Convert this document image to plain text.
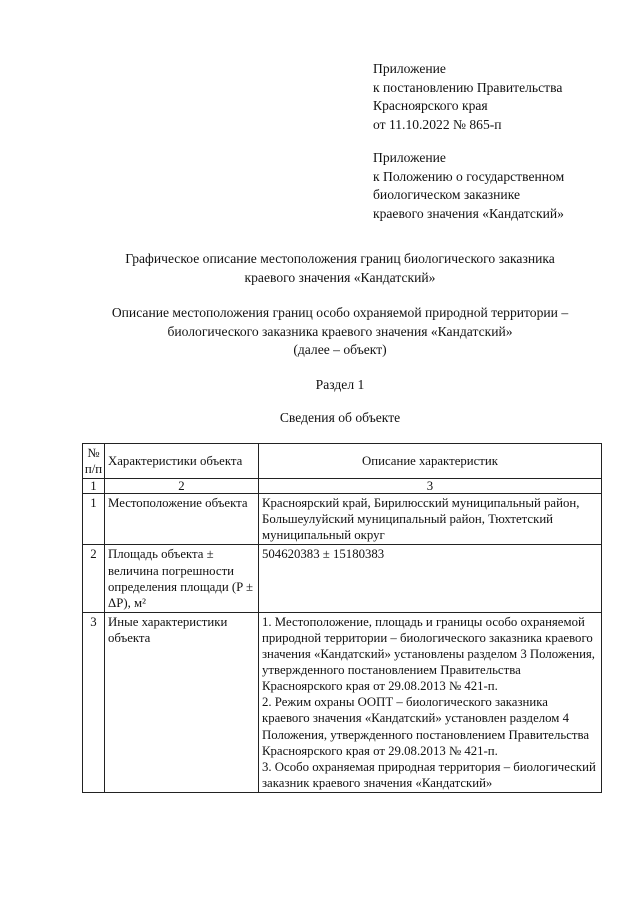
Приложение
к постановлению Правительства
Красноярского края
от 11.10.2022 № 865-п
Приложение
к Положению о государственном
биологическом заказнике
краевого значения «Кандатский»
Графическое описание местоположения границ биологического заказника
краевого значения «Кандатский»
Описание местоположения границ особо охраняемой природной территории –
биологического заказника краевого значения «Кандатский»
(далее – объект)
Раздел 1
Сведения об объекте
№ п/п	Характеристики объекта	Описание характеристик
1	2	3
1	Местоположение объекта	Красноярский край, Бирилюсский муниципальный район, Большеулуйский муниципальный район, Тюхтетский муниципальный округ
2	Площадь объекта ± величина погрешности определения площади (P ± ΔP), м²	504620383 ± 15180383
3	Иные характеристики объекта	1. Местоположение, площадь и границы особо охраняемой природной территории – биологического заказника краевого значения «Кандатский» установлены разделом 3 Положения, утвержденного постановлением Правительства Красноярского края от 29.08.2013 № 421-п.
2. Режим охраны ООПТ – биологического заказника краевого значения «Кандатский» установлен разделом 4 Положения, утвержденного постановлением Правительства Красноярского края от 29.08.2013 № 421-п.
3. Особо охраняемая природная территория – биологический заказник краевого значения «Кандатский»
